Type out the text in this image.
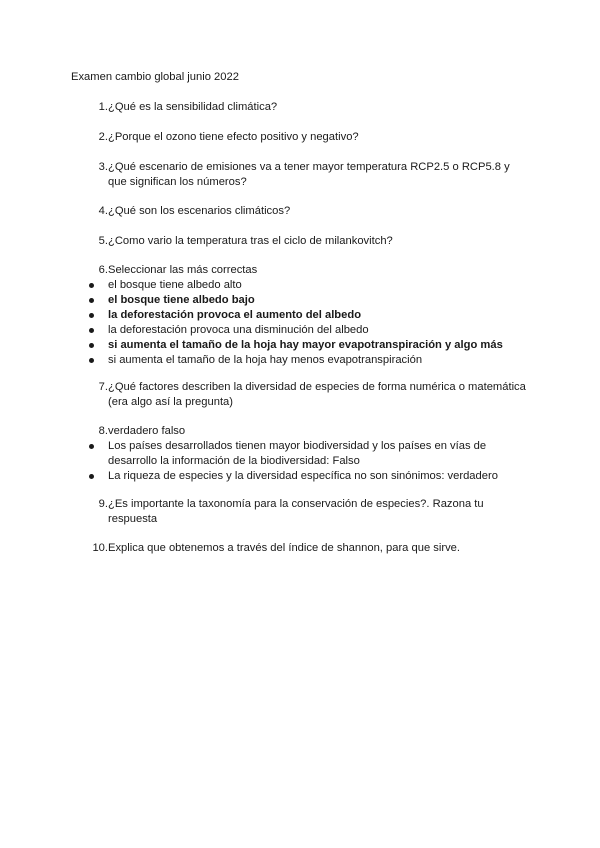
Examen cambio global junio 2022
1. ¿Qué es la sensibilidad climática?
2. ¿Porque el ozono tiene efecto positivo y negativo?
3. ¿Qué escenario de emisiones va a tener mayor temperatura RCP2.5 o RCP5.8 y que significan los números?
4. ¿Qué son los escenarios climáticos?
5. ¿Como vario la temperatura tras el ciclo de milankovitch?
6. Seleccionar las más correctas
el bosque tiene albedo alto
el bosque tiene albedo bajo
la deforestación provoca el aumento del albedo
la deforestación provoca una disminución del albedo
si aumenta el tamaño de la hoja hay mayor evapotranspiración y algo más
si aumenta el tamaño de la hoja hay menos evapotranspiración
7. ¿Qué factores describen la diversidad de especies de forma numérica o matemática (era algo así la pregunta)
8. verdadero falso
Los países desarrollados tienen mayor biodiversidad y los países en vías de desarrollo la información de la biodiversidad: Falso
La riqueza de especies y la diversidad específica no son sinónimos: verdadero
9. ¿Es importante la taxonomía para la conservación de especies?. Razona tu respuesta
10. Explica que obtenemos a través del índice de shannon, para que sirve.
